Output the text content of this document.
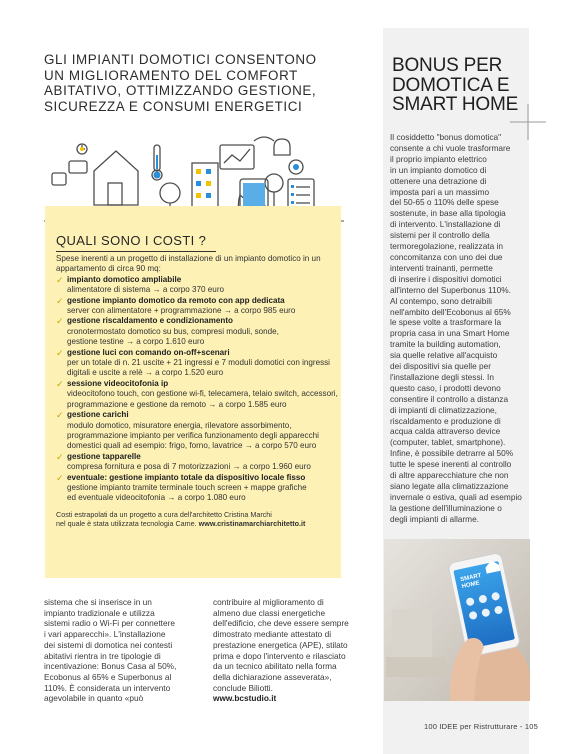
GLI IMPIANTI DOMOTICI CONSENTONO
UN MIGLIORAMENTO DEL COMFORT
ABITATIVO, OTTIMIZZANDO GESTIONE,
SICUREZZA E CONSUMI ENERGETICI
BONUS PER
DOMOTICA E
SMART HOME
Il cosiddetto "bonus domotica"
consente a chi vuole trasformare
il proprio impianto elettrico
in un impianto domotico di
ottenere una detrazione di
imposta pari a un massimo
del 50-65 o 110% delle spese
sostenute, in base alla tipologia
di intervento. L'installazione di
sistemi per il controllo della
termoregolazione, realizzata in
concomitanza con uno dei due
interventi trainanti, permette
di inserire i dispositivi domotici
all'interno del Superbonus 110%.
Al contempo, sono detraibili
nell'ambito dell'Ecobonus al 65%
le spese volte a trasformare la
propria casa in una Smart Home
tramite la building automation,
sia quelle relative all'acquisto
dei dispositivi sia quelle per
l'installazione degli stessi. In
questo caso, i prodotti devono
consentire il controllo a distanza
di impianti di climatizzazione,
riscaldamento e produzione di
acqua calda attraverso device
(computer, tablet, smartphone).
Infine, è possibile detrarre al 50%
tutte le spese inerenti al controllo
di altre apparecchiature che non
siano legate alla climatizzazione
invernale o estiva, quali ad esempio
la gestione dell'illuminazione o
degli impianti di allarme.
QUALI SONO I COSTI ?
Spese inerenti a un progetto di installazione di un impianto domotico in un
appartamento di circa 90 mq:
✓ impianto domotico ampliabile
alimentatore di sistema → a corpo 370 euro
✓ gestione impianto domotico da remoto con app dedicata
server con alimentatore + programmazione → a corpo 985 euro
✓ gestione riscaldamento e condizionamento
cronotermostato domotico su bus, compresi moduli, sonde,
gestione testine → a corpo 1.610 euro
✓ gestione luci con comando on-off+scenari
per un totale di n. 21 uscite + 21 ingressi e 7 moduli domotici con ingressi
digitali e uscite a relè → a corpo 1.520 euro
✓ sessione videocitofonia ip
videocitofono touch, con gestione wi-fi, telecamera, telaio switch, accessori,
programmazione e gestione da remoto → a corpo 1.585 euro
✓ gestione carichi
modulo domotico, misuratore energia, rilevatore assorbimento,
programmazione impianto per verifica funzionamento degli apparecchi
domestici quali ad esempio: frigo, forno, lavatrice → a corpo 570 euro
✓ gestione tapparelle
compresa fornitura e posa di 7 motorizzazioni → a corpo 1.960 euro
✓ eventuale: gestione impianto totale da dispositivo locale fisso
gestione impianto tramite terminale touch screen + mappe grafiche
ed eventuale videocitofonia → a corpo 1.080 euro
Costi estrapolati da un progetto a cura dell'architetto Cristina Marchi
nel quale è stata utilizzata tecnologia Came. www.cristinamarchiarchitetto.it
sistema che si inserisce in un
impianto tradizionale e utilizza
sistemi radio o Wi-Fi per connettere
i vari apparecchi». L'installazione
dei sistemi di domotica nei contesti
abitativi rientra in tre tipologie di
incentivazione: Bonus Casa al 50%,
Ecobonus al 65% e Superbonus al
110%. È considerata un intervento
agevolabile in quanto «può
contribuire al miglioramento di
almeno due classi energetiche
dell'edificio, che deve essere sempre
dimostrato mediante attestato di
prestazione energetica (APE), stilato
prima e dopo l'intervento e rilasciato
da un tecnico abilitato nella forma
della dichiarazione asseverata»,
conclude Biliotti.
www.bcstudio.it
SMART
HOME
100 IDEE per Ristrutturare - 105
